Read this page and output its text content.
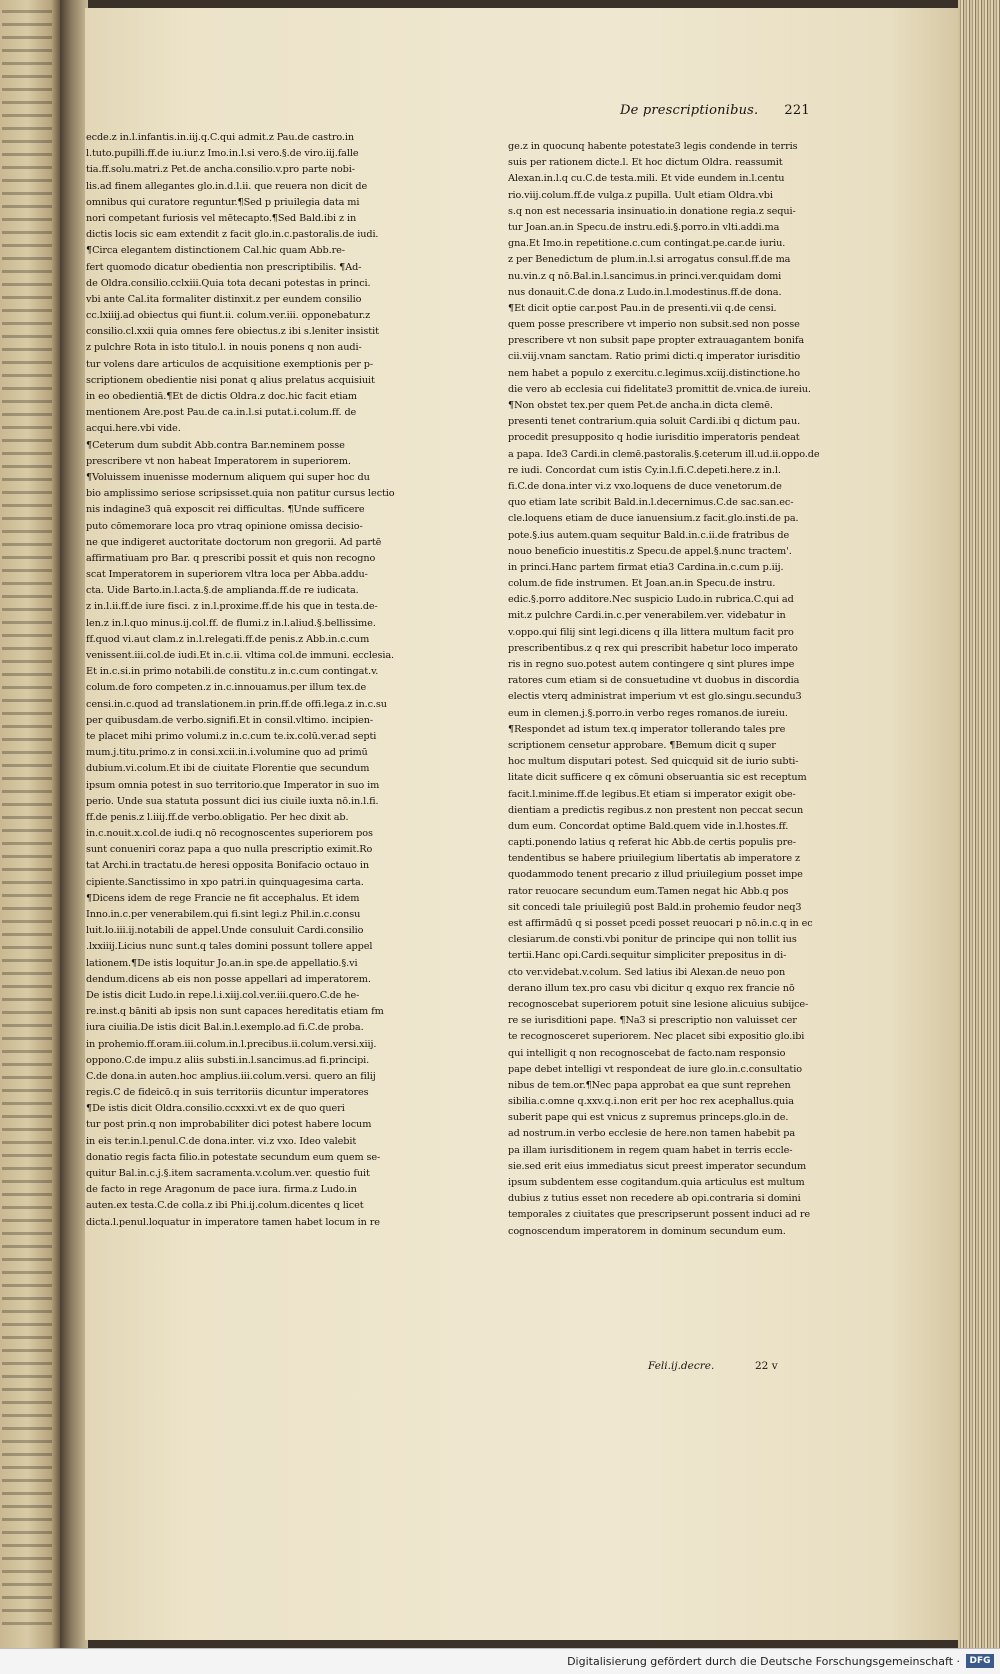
De prescriptionibus. 221
ecde.z in.l.infantis.in.iij.q.C.qui admit.z Pau.de castro.in
l.tuto.pupilli.ff.de iu.iur.z Imo.in.l.si vero.§.de viro.iij.falle
tia.ff.solu.matri.z Pet.de ancha.consilio.v.pro parte nobi-
lis.ad finem allegantes glo.in.d.l.ii. que reuera non dicit de
omnibus qui curatore reguntur.¶Sed p priuilegia data mi
nori competant furiosis vel mētecapto.¶Sed Bald.ibi z in
dictis locis sic eam extendit z facit glo.in.c.pastoralis.de iudi.
¶Circa elegantem distinctionem Cal.hic quam Abb.re-
fert quomodo dicatur obedientia non prescriptibilis. ¶Ad-
de Oldra.consilio.cclxiii.Quia tota decani potestas in princi.
vbi ante Cal.ita formaliter distinxit.z per eundem consilio
cc.lxiiij.ad obiectus qui fiunt.ii. colum.ver.iii. opponebatur.z
consilio.cl.xxii quia omnes fere obiectus.z ibi s.leniter insistit
z pulchre Rota in isto titulo.l. in nouis ponens q non audi-
tur volens dare articulos de acquisitione exemptionis per p-
scriptionem obedientie nisi ponat q alius prelatus acquisiuit
in eo obedientiā.¶Et de dictis Oldra.z doc.hic facit etiam
mentionem Are.post Pau.de ca.in.l.si putat.i.colum.ff. de
acqui.here.vbi vide.
¶Ceterum dum subdit Abb.contra Bar.neminem posse
prescribere vt non habeat Imperatorem in superiorem.
¶Voluissem inuenisse modernum aliquem qui super hoc du
bio amplissimo seriose scripsisset.quia non patitur cursus lectio
nis indagine3 quā exposcit rei difficultas. ¶Unde sufficere
puto cōmemorare loca pro vtraq opinione omissa decisio-
ne que indigeret auctoritate doctorum non gregorii. Ad partē
affirmatiuam pro Bar. q prescribi possit et quis non recogno
scat Imperatorem in superiorem vltra loca per Abba.addu-
cta. Uide Barto.in.l.acta.§.de amplianda.ff.de re iudicata.
z in.l.ii.ff.de iure fisci. z in.l.proxime.ff.de his que in testa.de-
len.z in.l.quo minus.ij.col.ff. de flumi.z in.l.aliud.§.bellissime.
ff.quod vi.aut clam.z in.l.relegati.ff.de penis.z Abb.in.c.cum
venissent.iii.col.de iudi.Et in.c.ii. vltima col.de immuni. ecclesia.
Et in.c.si.in primo notabili.de constitu.z in.c.cum contingat.v.
colum.de foro competen.z in.c.innouamus.per illum tex.de
censi.in.c.quod ad translationem.in prin.ff.de offi.lega.z in.c.su
per quibusdam.de verbo.signifi.Et in consil.vltimo. incipien-
te placet mihi primo volumi.z in.c.cum te.ix.colū.ver.ad septi
mum.j.titu.primo.z in consi.xcii.in.i.volumine quo ad primū
dubium.vi.colum.Et ibi de ciuitate Florentie que secundum
ipsum omnia potest in suo territorio.que Imperator in suo im
perio. Unde sua statuta possunt dici ius ciuile iuxta nō.in.l.fi.
ff.de penis.z l.iiij.ff.de verbo.obligatio. Per hec dixit ab.
in.c.nouit.x.col.de iudi.q nō recognoscentes superiorem pos
sunt conueniri coraz papa a quo nulla prescriptio eximit.Ro
tat Archi.in tractatu.de heresi opposita Bonifacio octauo in
cipiente.Sanctissimo in xpo patri.in quinquagesima carta.
¶Dicens idem de rege Francie ne fit accephalus. Et idem
Inno.in.c.per venerabilem.qui fi.sint legi.z Phil.in.c.consu
luit.lo.iii.ij.notabili de appel.Unde consuluit Cardi.consilio
.lxxiiij.Licius nunc sunt.q tales domini possunt tollere appel
lationem.¶De istis loquitur Jo.an.in spe.de appellatio.§.vi
dendum.dicens ab eis non posse appellari ad imperatorem.
De istis dicit Ludo.in repe.l.i.xiij.col.ver.iii.quero.C.de he-
re.inst.q bāniti ab ipsis non sunt capaces hereditatis etiam fm
iura ciuilia.De istis dicit Bal.in.l.exemplo.ad fi.C.de proba.
in prohemio.ff.oram.iii.colum.in.l.precibus.ii.colum.versi.xiij.
oppono.C.de impu.z aliis substi.in.l.sancimus.ad fi.principi.
C.de dona.in auten.hoc amplius.iii.colum.versi. quero an filij
regis.C de fideicō.q in suis territoriis dicuntur imperatores
¶De istis dicit Oldra.consilio.ccxxxi.vt ex de quo queri
tur post prin.q non improbabiliter dici potest habere locum
in eis ter.in.l.penul.C.de dona.inter. vi.z vxo. Ideo valebit
donatio regis facta filio.in potestate secundum eum quem se-
quitur Bal.in.c.j.§.item sacramenta.v.colum.ver. questio fuit
de facto in rege Aragonum de pace iura. firma.z Ludo.in
auten.ex testa.C.de colla.z ibi Phi.ij.colum.dicentes q licet
dicta.l.penul.loquatur in imperatore tamen habet locum in re
ge.z in quocunq habente potestate3 legis condende in terris
suis per rationem dicte.l. Et hoc dictum Oldra. reassumit
Alexan.in.l.q cu.C.de testa.mili. Et vide eundem in.l.centu
rio.viij.colum.ff.de vulga.z pupilla. Uult etiam Oldra.vbi
s.q non est necessaria insinuatio.in donatione regia.z sequi-
tur Joan.an.in Specu.de instru.edi.§.porro.in vlti.addi.ma
gna.Et Imo.in repetitione.c.cum contingat.pe.car.de iuriu.
z per Benedictum de plum.in.l.si arrogatus consul.ff.de ma
nu.vin.z q nō.Bal.in.l.sancimus.in princi.ver.quidam domi
nus donauit.C.de dona.z Ludo.in.l.modestinus.ff.de dona.
¶Et dicit optie car.post Pau.in de presenti.vii q.de censi.
quem posse prescribere vt imperio non subsit.sed non posse
prescribere vt non subsit pape propter extrauagantem bonifa
cii.viij.vnam sanctam. Ratio primi dicti.q imperator iurisditio
nem habet a populo z exercitu.c.legimus.xciij.distinctione.ho
die vero ab ecclesia cui fidelitate3 promittit de.vnica.de iureiu.
¶Non obstet tex.per quem Pet.de ancha.in dicta clemē.
presenti tenet contrarium.quia soluit Cardi.ibi q dictum pau.
procedit presupposito q hodie iurisditio imperatoris pendeat
a papa. Ide3 Cardi.in clemē.pastoralis.§.ceterum ill.ud.ii.oppo.de
re iudi. Concordat cum istis Cy.in.l.fi.C.depeti.here.z in.l.
fi.C.de dona.inter vi.z vxo.loquens de duce venetorum.de
quo etiam late scribit Bald.in.l.decernimus.C.de sac.san.ec-
cle.loquens etiam de duce ianuensium.z facit.glo.insti.de pa.
pote.§.ius autem.quam sequitur Bald.in.c.ii.de fratribus de
nouo beneficio inuestitis.z Specu.de appel.§.nunc tractem'.
in princi.Hanc partem firmat etia3 Cardina.in.c.cum p.iij.
colum.de fide instrumen. Et Joan.an.in Specu.de instru.
edic.§.porro additore.Nec suspicio Ludo.in rubrica.C.qui ad
mit.z pulchre Cardi.in.c.per venerabilem.ver. videbatur in
v.oppo.qui filij sint legi.dicens q illa littera multum facit pro
prescribentibus.z q rex qui prescribit habetur loco imperato
ris in regno suo.potest autem contingere q sint plures impe
ratores cum etiam si de consuetudine vt duobus in discordia
electis vterq administrat imperium vt est glo.singu.secundu3
eum in clemen.j.§.porro.in verbo reges romanos.de iureiu.
¶Respondet ad istum tex.q imperator tollerando tales pre
scriptionem censetur approbare. ¶Bemum dicit q super
hoc multum disputari potest. Sed quicquid sit de iurio subti-
litate dicit sufficere q ex cōmuni obseruantia sic est receptum
facit.l.minime.ff.de legibus.Et etiam si imperator exigit obe-
dientiam a predictis regibus.z non prestent non peccat secun
dum eum. Concordat optime Bald.quem vide in.l.hostes.ff.
capti.ponendo latius q referat hic Abb.de certis populis pre-
tendentibus se habere priuilegium libertatis ab imperatore z
quodammodo tenent precario z illud priuilegium posset impe
rator reuocare secundum eum.Tamen negat hic Abb.q pos
sit concedi tale priuilegiū post Bald.in prohemio feudor neq3
est affirmādū q si posset pcedi posset reuocari p nō.in.c.q in ec
clesiarum.de consti.vbi ponitur de principe qui non tollit ius
tertii.Hanc opi.Cardi.sequitur simpliciter prepositus in di-
cto ver.videbat.v.colum. Sed latius ibi Alexan.de neuo pon
derano illum tex.pro casu vbi dicitur q exquo rex francie nō
recognoscebat superiorem potuit sine lesione alicuius subijce-
re se iurisditioni pape. ¶Na3 si prescriptio non valuisset cer
te recognosceret superiorem. Nec placet sibi expositio glo.ibi
qui intelligit q non recognoscebat de facto.nam responsio
pape debet intelligi vt respondeat de iure glo.in.c.consultatio
nibus de tem.or.¶Nec papa approbat ea que sunt reprehen
sibilia.c.omne q.xxv.q.i.non erit per hoc rex acephallus.quia
suberit pape qui est vnicus z supremus princeps.glo.in de.
ad nostrum.in verbo ecclesie de here.non tamen habebit pa
pa illam iurisditionem in regem quam habet in terris eccle-
sie.sed erit eius immediatus sicut preest imperator secundum
ipsum subdentem esse cogitandum.quia articulus est multum
dubius z tutius esset non recedere ab opi.contraria si domini
temporales z ciuitates que prescripserunt possent induci ad re
cognoscendum imperatorem in dominum secundum eum.
Feli.ij.decre.	22 v
Digitalisierung gefördert durch die Deutsche Forschungsgemeinschaft ·	DFG
